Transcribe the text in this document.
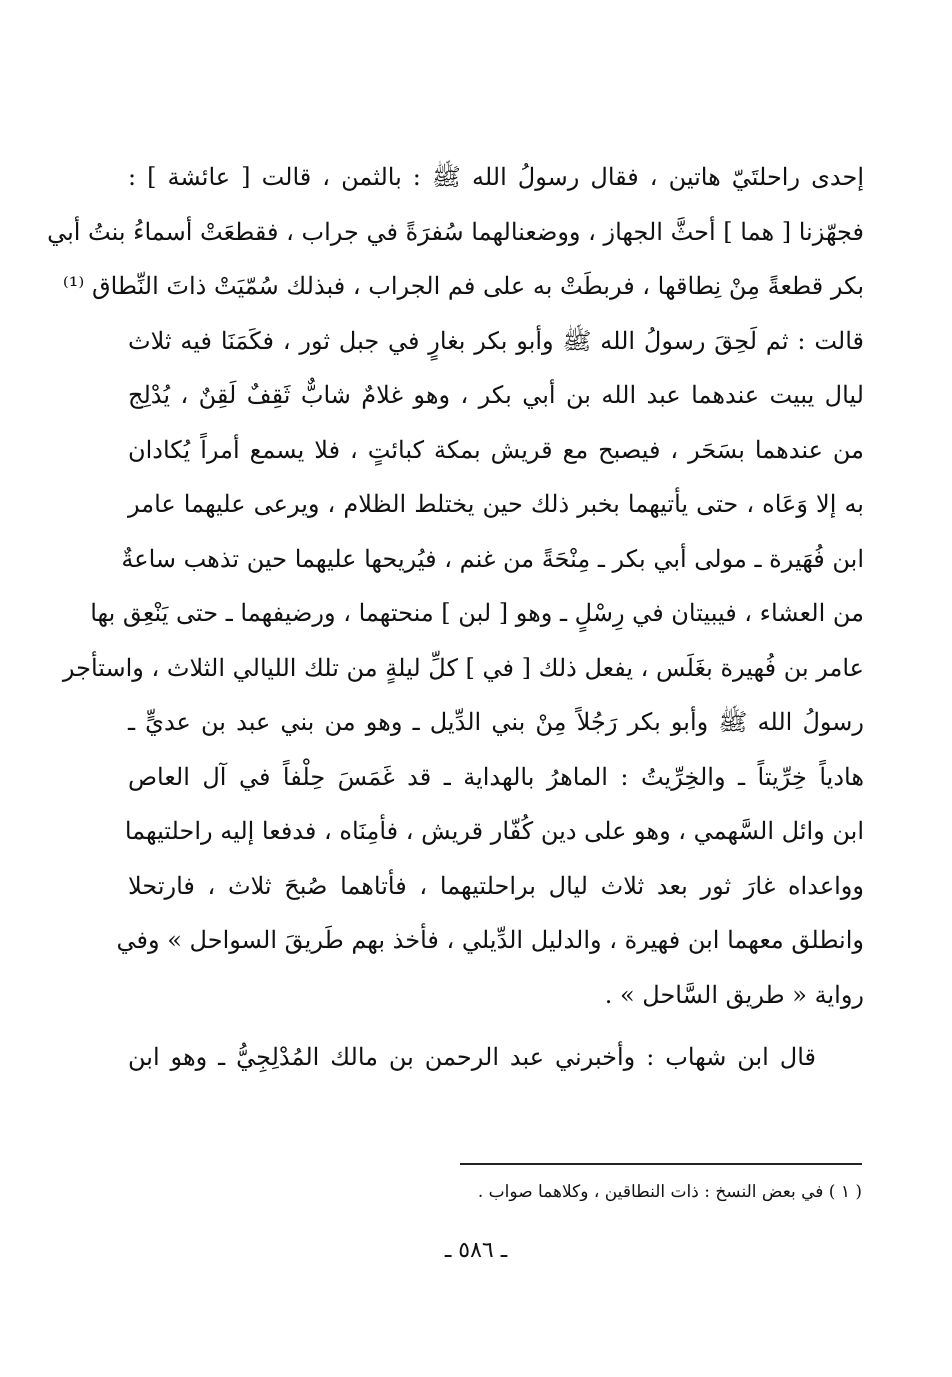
إحدى راحلتَيّ هاتين ، فقال رسولُ الله ﷺ : بالثمن ، قالت [ عائشة ] :
فجهّزنا [ هما ] أحثَّ الجهاز ، ووضعنالهما سُفرَةً في جراب ، فقطعَتْ أسماءُ بنتُ أبي
بكر قطعةً مِنْ نِطاقها ، فربطَتْ به على فم الجراب ، فبذلك سُمّيَتْ ذاتَ النِّطاق ⁽¹⁾
قالت : ثم لَحِقَ رسولُ الله ﷺ وأبو بكر بغارٍ في جبل ثور ، فكَمَنَا فيه ثلاث
ليال يبيت عندهما عبد الله بن أبي بكر ، وهو غلامٌ شابٌّ ثَقِفٌ لَقِنٌ ، يُدْلِج
من عندهما بسَحَر ، فيصبح مع قريش بمكة كبائتٍ ، فلا يسمع أمراً يُكادان
به إلا وَعَاه ، حتى يأتيهما بخبر ذلك حين يختلط الظلام ، ويرعى عليهما عامر
ابن فُهَيرة ـ مولى أبي بكر ـ مِنْحَةً من غنم ، فيُريحها عليهما حين تذهب ساعةٌ
من العشاء ، فيبيتان في رِسْلٍ ـ وهو [ لبن ] منحتهما ، ورضيفهما ـ حتى يَنْعِق بها
عامر بن فُهيرة بغَلَس ، يفعل ذلك [ في ] كلِّ ليلةٍ من تلك الليالي الثلاث ، واستأجر
رسولُ الله ﷺ وأبو بكر رَجُلاً مِنْ بني الدِّيل ـ وهو من بني عبد بن عديٍّ ـ
هادياً خِرِّيتاً ـ والخِرِّيتُ : الماهرُ بالهداية ـ قد غَمَسَ حِلْفاً في آل العاص
ابن وائل السَّهمي ، وهو على دين كُفّار قريش ، فأمِنَاه ، فدفعا إليه راحلتيهما
وواعداه غارَ ثور بعد ثلاث ليال براحلتيهما ، فأتاهما صُبحَ ثلاث ، فارتحلا
وانطلق معهما ابن فهيرة ، والدليل الدِّيلي ، فأخذ بهم طَريقَ السواحل » وفي
رواية « طريق السَّاحل » .
قال ابن شهاب : وأخبرني عبد الرحمن بن مالك المُدْلِجِيُّ ـ وهو ابن
( ١ ) في بعض النسخ : ذات النطاقين ، وكلاهما صواب .
ـ ٥٨٦ ـ
